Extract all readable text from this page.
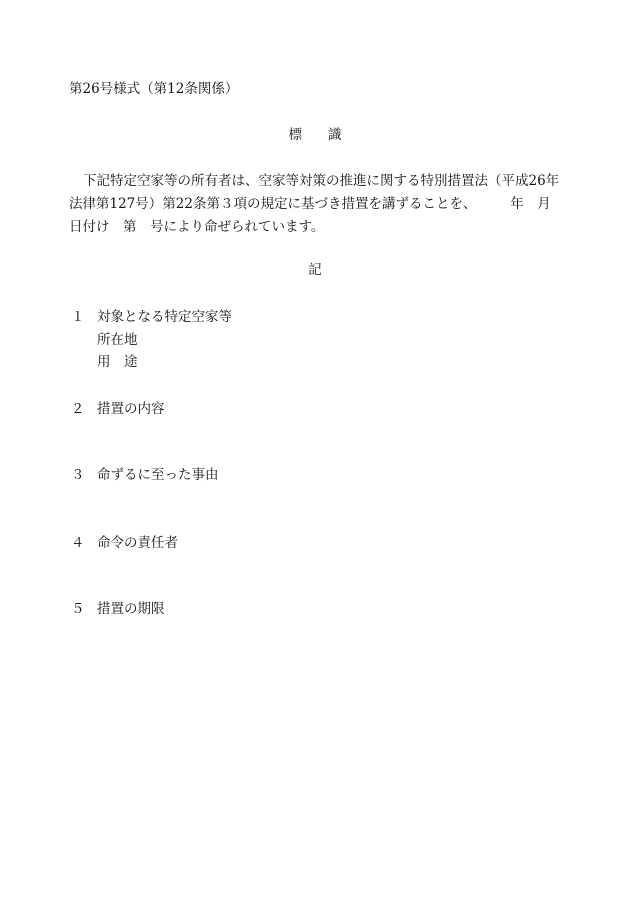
第26号様式（第12条関係）
標 識
下記特定空家等の所有者は、空家等対策の推進に関する特別措置法（平成26年
法律第127号）第22条第３項の規定に基づき措置を講ずることを、　　　年　月
日付け　第　号により命ぜられています。
記
１ 対象となる特定空家等
所在地
用　途
２ 措置の内容
３ 命ずるに至った事由
４ 命令の責任者
５ 措置の期限
